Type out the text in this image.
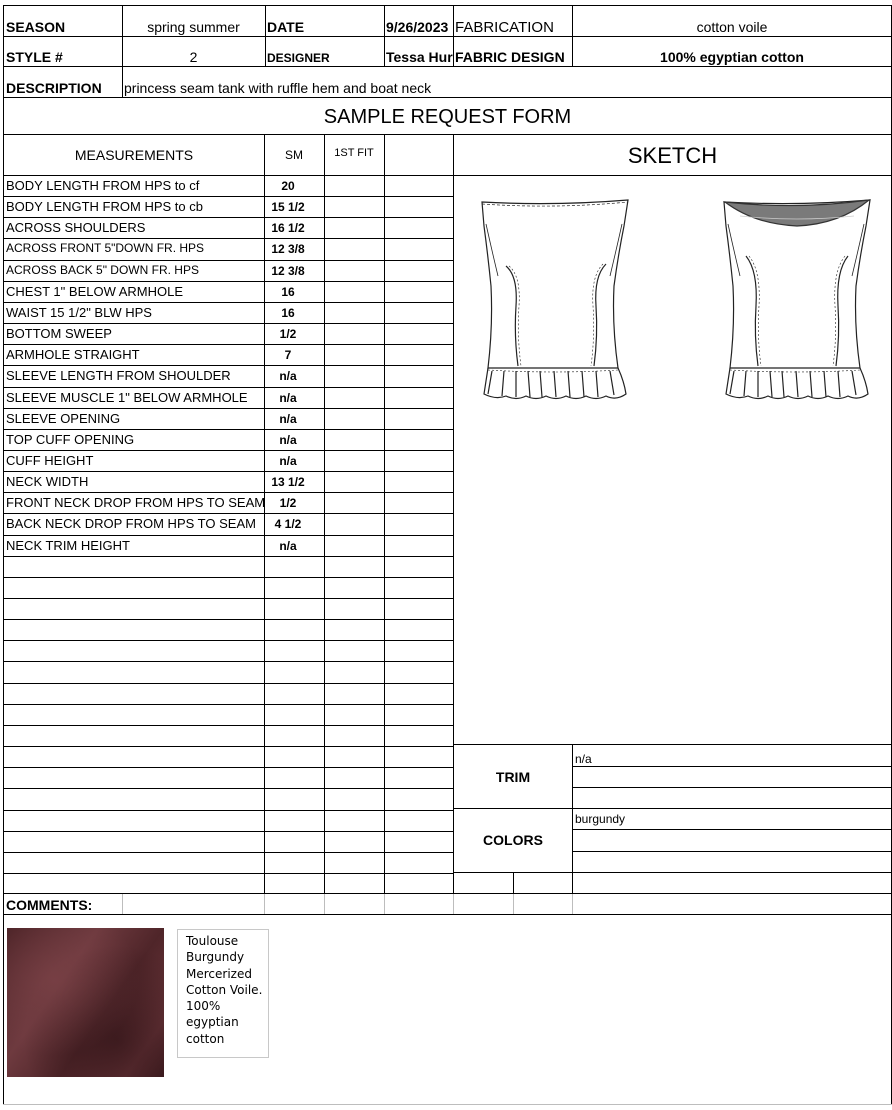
SEASON	spring summer	DATE	9/26/2023 FABRICATION	cotton voile
STYLE #	2	DESIGNER	Tessa Hur FABRIC DESIGN	100% egyptian cotton
DESCRIPTION princess seam tank with ruffle hem and boat neck
SAMPLE REQUEST FORM
MEASUREMENTS	SM	1ST FIT	SKETCH
BODY LENGTH FROM HPS to cf	20
BODY LENGTH FROM HPS to cb	15 1/2
ACROSS SHOULDERS	16 1/2
ACROSS FRONT 5"DOWN FR. HPS	12 3/8
ACROSS BACK 5" DOWN FR. HPS	12 3/8
CHEST 1" BELOW ARMHOLE	16
WAIST 15 1/2" BLW HPS	16
BOTTOM SWEEP	1/2
ARMHOLE STRAIGHT	7
SLEEVE LENGTH FROM SHOULDER	n/a
SLEEVE MUSCLE 1" BELOW ARMHOLE	n/a
SLEEVE OPENING	n/a
TOP CUFF OPENING	n/a
CUFF HEIGHT	n/a
NECK WIDTH	13 1/2
FRONT NECK DROP FROM HPS TO SEAM	1/2
BACK NECK DROP FROM HPS TO SEAM	4 1/2
NECK TRIM HEIGHT	n/a
TRIM
n/a
COLORS
burgundy
COMMENTS:
Toulouse
Burgundy
Mercerized
Cotton Voile.
100%
egyptian
cotton
